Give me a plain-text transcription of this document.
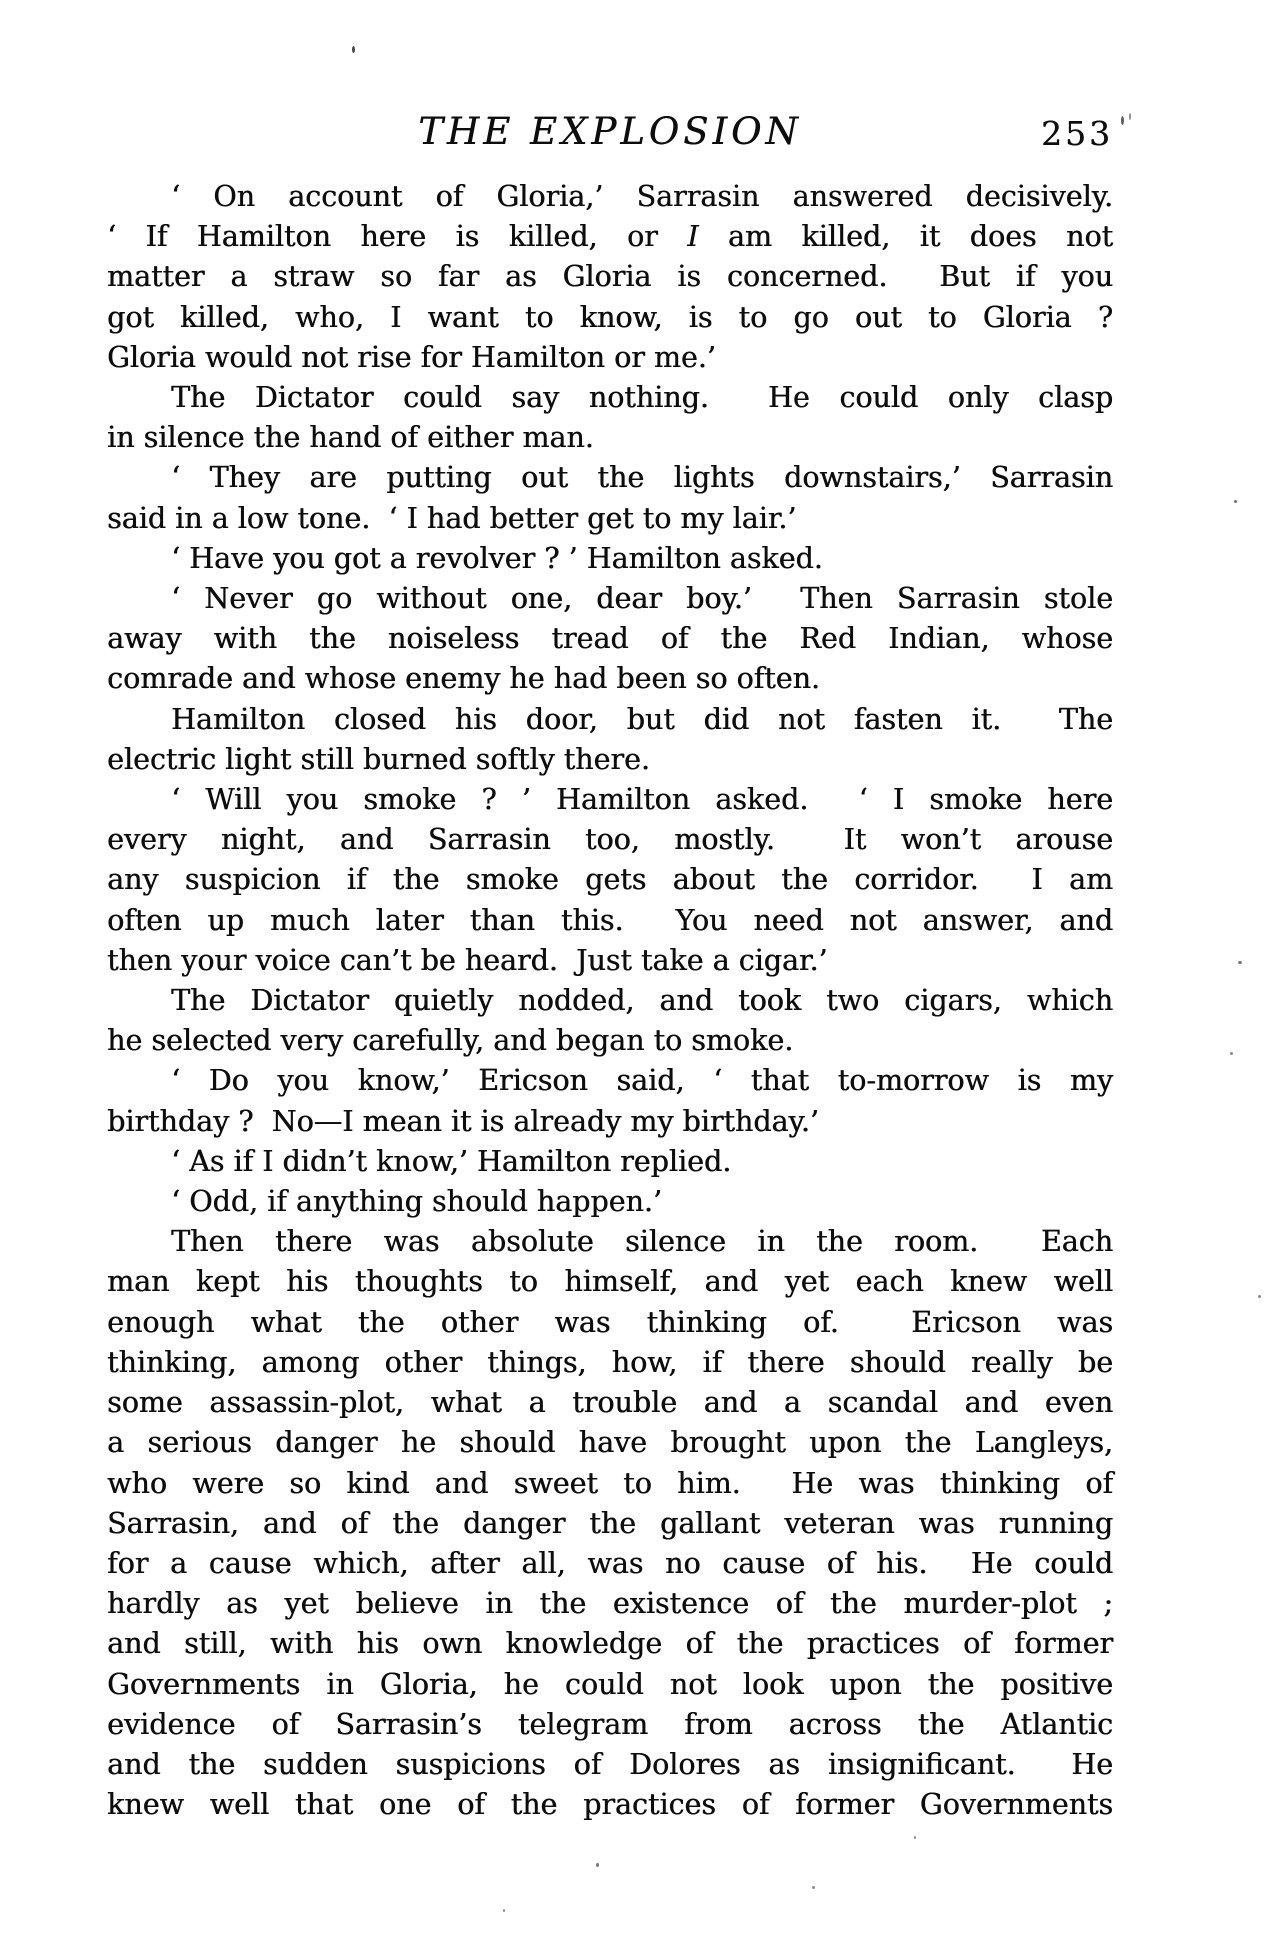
THE EXPLOSION	253
‘ On account of Gloria,’ Sarrasin answered decisively.
‘ If Hamilton here is killed, or I am killed, it does not
matter a straw so far as Gloria is concerned.  But if you
got killed, who, I want to know, is to go out to Gloria ?
Gloria would not rise for Hamilton or me.’
The Dictator could say nothing.  He could only clasp
in silence the hand of either man.
‘ They are putting out the lights downstairs,’ Sarrasin
said in a low tone.  ‘ I had better get to my lair.’
‘ Have you got a revolver ? ’ Hamilton asked.
‘ Never go without one, dear boy.’  Then Sarrasin stole
away with the noiseless tread of the Red Indian, whose
comrade and whose enemy he had been so often.
Hamilton closed his door, but did not fasten it.  The
electric light still burned softly there.
‘ Will you smoke ? ’ Hamilton asked.  ‘ I smoke here
every night, and Sarrasin too, mostly.  It won’t arouse
any suspicion if the smoke gets about the corridor.  I am
often up much later than this.  You need not answer, and
then your voice can’t be heard.  Just take a cigar.’
The Dictator quietly nodded, and took two cigars, which
he selected very carefully, and began to smoke.
‘ Do you know,’ Ericson said, ‘ that to-morrow is my
birthday ?  No—I mean it is already my birthday.’
‘ As if I didn’t know,’ Hamilton replied.
‘ Odd, if anything should happen.’
Then there was absolute silence in the room.  Each
man kept his thoughts to himself, and yet each knew well
enough what the other was thinking of.  Ericson was
thinking, among other things, how, if there should really be
some assassin-plot, what a trouble and a scandal and even
a serious danger he should have brought upon the Langleys,
who were so kind and sweet to him.  He was thinking of
Sarrasin, and of the danger the gallant veteran was running
for a cause which, after all, was no cause of his.  He could
hardly as yet believe in the existence of the murder-plot ;
and still, with his own knowledge of the practices of former
Governments in Gloria, he could not look upon the positive
evidence of Sarrasin’s telegram from across the Atlantic
and the sudden suspicions of Dolores as insignificant.  He
knew well that one of the practices of former Governments
